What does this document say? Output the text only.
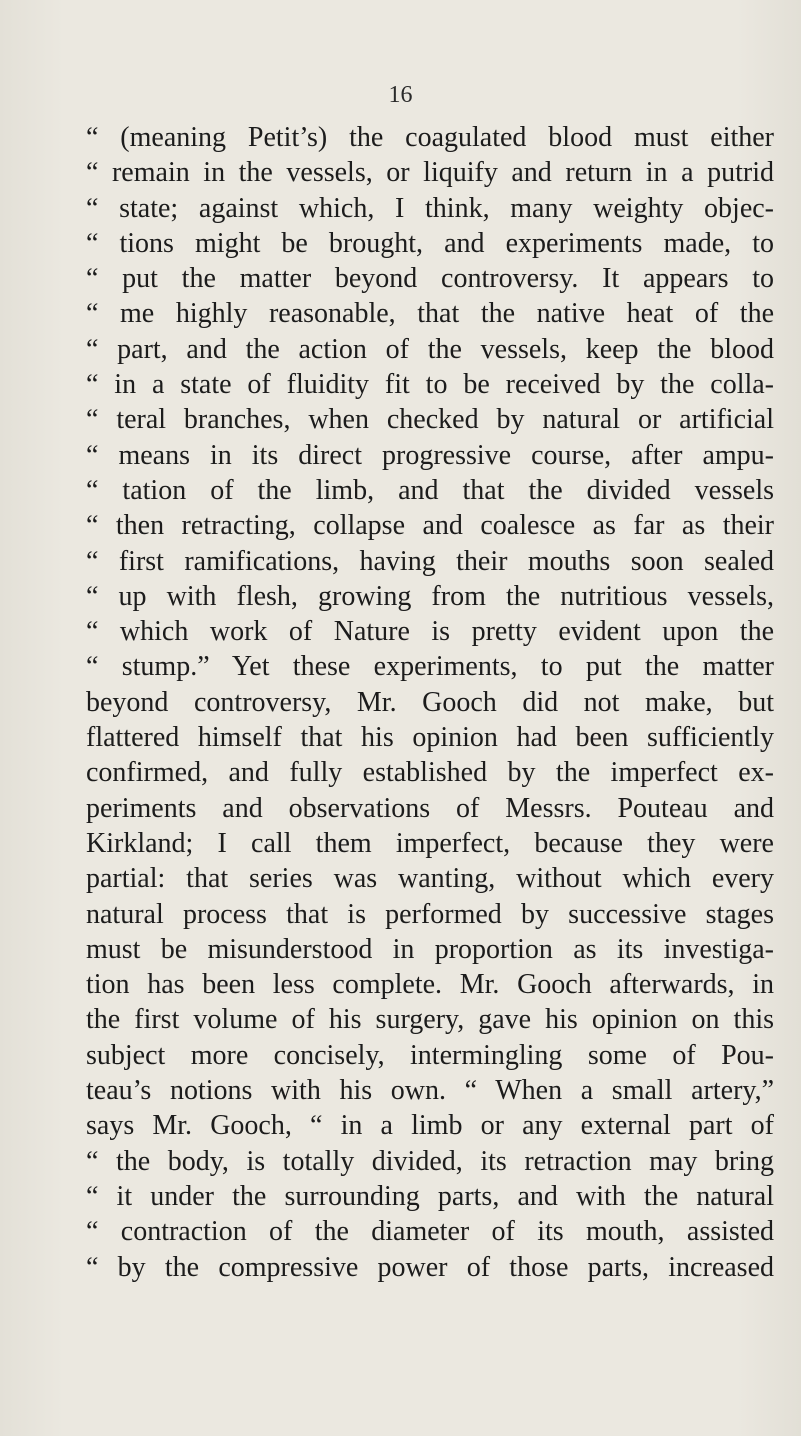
16
“ (meaning Petit’s) the coagulated blood must either
“ remain in the vessels, or liquify and return in a putrid
“ state; against which, I think, many weighty objec-
“ tions might be brought, and experiments made, to
“ put the matter beyond controversy. It appears to
“ me highly reasonable, that the native heat of the
“ part, and the action of the vessels, keep the blood
“ in a state of fluidity fit to be received by the colla-
“ teral branches, when checked by natural or artificial
“ means in its direct progressive course, after ampu-
“ tation of the limb, and that the divided vessels
“ then retracting, collapse and coalesce as far as their
“ first ramifications, having their mouths soon sealed
“ up with flesh, growing from the nutritious vessels,
“ which work of Nature is pretty evident upon the
“ stump.” Yet these experiments, to put the matter
beyond controversy, Mr. Gooch did not make, but
flattered himself that his opinion had been sufficiently
confirmed, and fully established by the imperfect ex-
periments and observations of Messrs. Pouteau and
Kirkland; I call them imperfect, because they were
partial: that series was wanting, without which every
natural process that is performed by successive stages
must be misunderstood in proportion as its investiga-
tion has been less complete. Mr. Gooch afterwards, in
the first volume of his surgery, gave his opinion on this
subject more concisely, intermingling some of Pou-
teau’s notions with his own. “ When a small artery,”
says Mr. Gooch, “ in a limb or any external part of
“ the body, is totally divided, its retraction may bring
“ it under the surrounding parts, and with the natural
“ contraction of the diameter of its mouth, assisted
“ by the compressive power of those parts, increased
